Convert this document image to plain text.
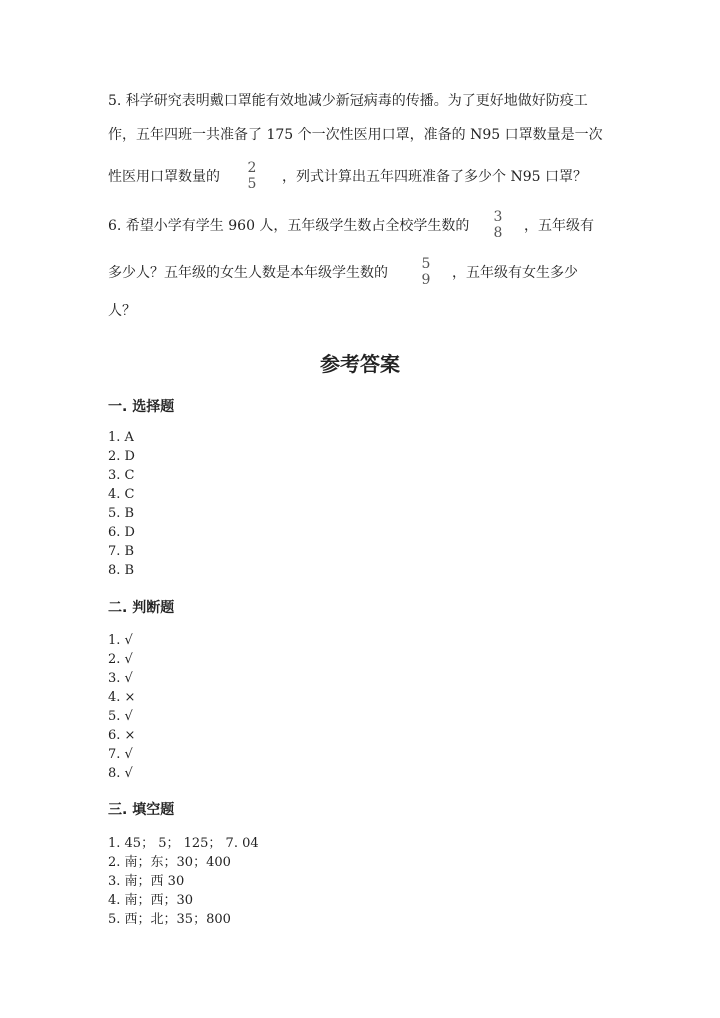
5. 科学研究表明戴口罩能有效地减少新冠病毒的传播。为了更好地做好防疫工
作，五年四班一共准备了 175 个一次性医用口罩，准备的 N95 口罩数量是一次
性医用口罩数量的
2
5	，列式计算出五年四班准备了多少个 N95 口罩？
6. 希望小学有学生 960 人，五年级学生数占全校学生数的
3
8	，五年级有
多少人？五年级的女生人数是本年级学生数的
5
9	，五年级有女生多少
人？
参考答案
一. 选择题
1. A
2. D
3. C
4. C
5. B
6. D
7. B
8. B
二. 判断题
1. √
2. √
3. √
4. ×
5. √
6. ×
7. √
8. √
三. 填空题
1. 45； 5； 125； 7. 04
2. 南；东；30；400
3. 南；西 30
4. 南；西；30
5. 西；北；35；800
